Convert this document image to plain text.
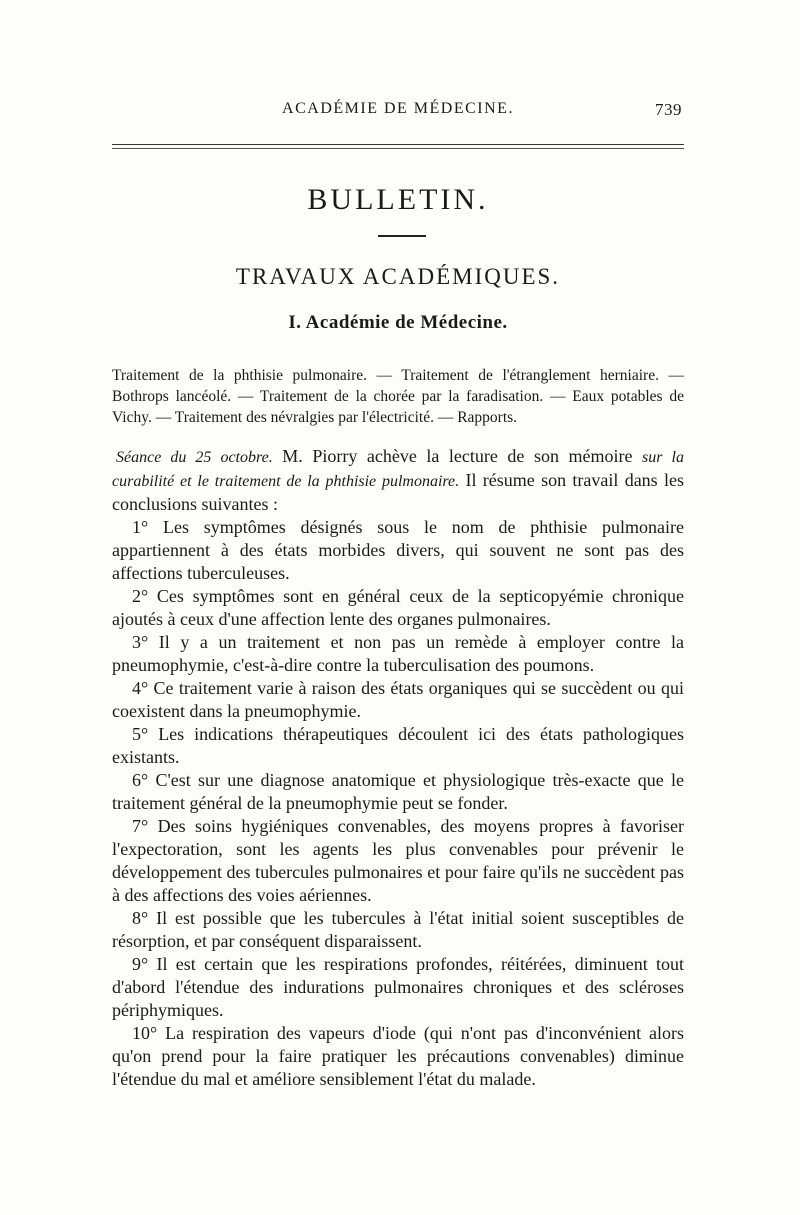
ACADÉMIE DE MÉDECINE.	739
BULLETIN.
TRAVAUX ACADÉMIQUES.
I. Académie de Médecine.
Traitement de la phthisie pulmonaire. — Traitement de l'étranglement herniaire. — Bothrops lancéolé. — Traitement de la chorée par la faradisation. — Eaux potables de Vichy. — Traitement des névralgies par l'électricité. — Rapports.

Séance du 25 octobre. M. Piorry achève la lecture de son mémoire sur la curabilité et le traitement de la phthisie pulmonaire. Il résume son travail dans les conclusions suivantes :

1° Les symptômes désignés sous le nom de phthisie pulmonaire appartiennent à des états morbides divers, qui souvent ne sont pas des affections tuberculeuses.

2° Ces symptômes sont en général ceux de la septicopyémie chronique ajoutés à ceux d'une affection lente des organes pulmonaires.

3° Il y a un traitement et non pas un remède à employer contre la pneumophymie, c'est-à-dire contre la tuberculisation des poumons.

4° Ce traitement varie à raison des états organiques qui se succèdent ou qui coexistent dans la pneumophymie.

5° Les indications thérapeutiques découlent ici des états pathologiques existants.

6° C'est sur une diagnose anatomique et physiologique très-exacte que le traitement général de la pneumophymie peut se fonder.

7° Des soins hygiéniques convenables, des moyens propres à favoriser l'expectoration, sont les agents les plus convenables pour prévenir le développement des tubercules pulmonaires et pour faire qu'ils ne succèdent pas à des affections des voies aériennes.

8° Il est possible que les tubercules à l'état initial soient susceptibles de résorption, et par conséquent disparaissent.

9° Il est certain que les respirations profondes, réitérées, diminuent tout d'abord l'étendue des indurations pulmonaires chroniques et des scléroses périphymiques.

10° La respiration des vapeurs d'iode (qui n'ont pas d'inconvénient alors qu'on prend pour la faire pratiquer les précautions convenables) diminue l'étendue du mal et améliore sensiblement l'état du malade.
